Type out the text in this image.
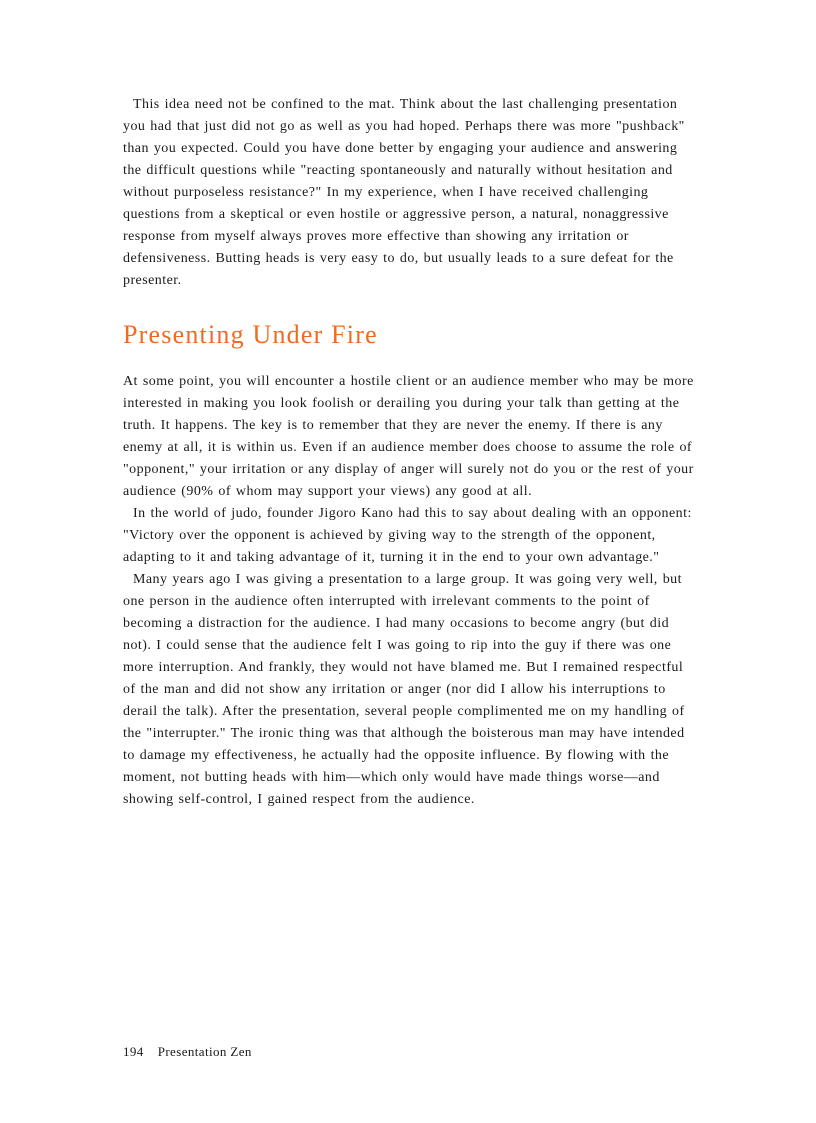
This idea need not be confined to the mat. Think about the last challenging presentation you had that just did not go as well as you had hoped. Perhaps there was more "pushback" than you expected. Could you have done better by engaging your audience and answering the difficult questions while "reacting spontaneously and naturally without hesitation and without purposeless resistance?" In my experience, when I have received challenging questions from a skeptical or even hostile or aggressive person, a natural, nonaggressive response from myself always proves more effective than showing any irritation or defensiveness. Butting heads is very easy to do, but usually leads to a sure defeat for the presenter.

Presenting Under Fire

At some point, you will encounter a hostile client or an audience member who may be more interested in making you look foolish or derailing you during your talk than getting at the truth. It happens. The key is to remember that they are never the enemy. If there is any enemy at all, it is within us. Even if an audience member does choose to assume the role of "opponent," your irritation or any display of anger will surely not do you or the rest of your audience (90% of whom may support your views) any good at all.

In the world of judo, founder Jigoro Kano had this to say about dealing with an opponent: "Victory over the opponent is achieved by giving way to the strength of the opponent, adapting to it and taking advantage of it, turning it in the end to your own advantage."

Many years ago I was giving a presentation to a large group. It was going very well, but one person in the audience often interrupted with irrelevant comments to the point of becoming a distraction for the audience. I had many occasions to become angry (but did not). I could sense that the audience felt I was going to rip into the guy if there was one more interruption. And frankly, they would not have blamed me. But I remained respectful of the man and did not show any irritation or anger (nor did I allow his interruptions to derail the talk). After the presentation, several people complimented me on my handling of the "interrupter." The ironic thing was that although the boisterous man may have intended to damage my effectiveness, he actually had the opposite influence. By flowing with the moment, not butting heads with him—which only would have made things worse—and showing self-control, I gained respect from the audience.

194 Presentation Zen
